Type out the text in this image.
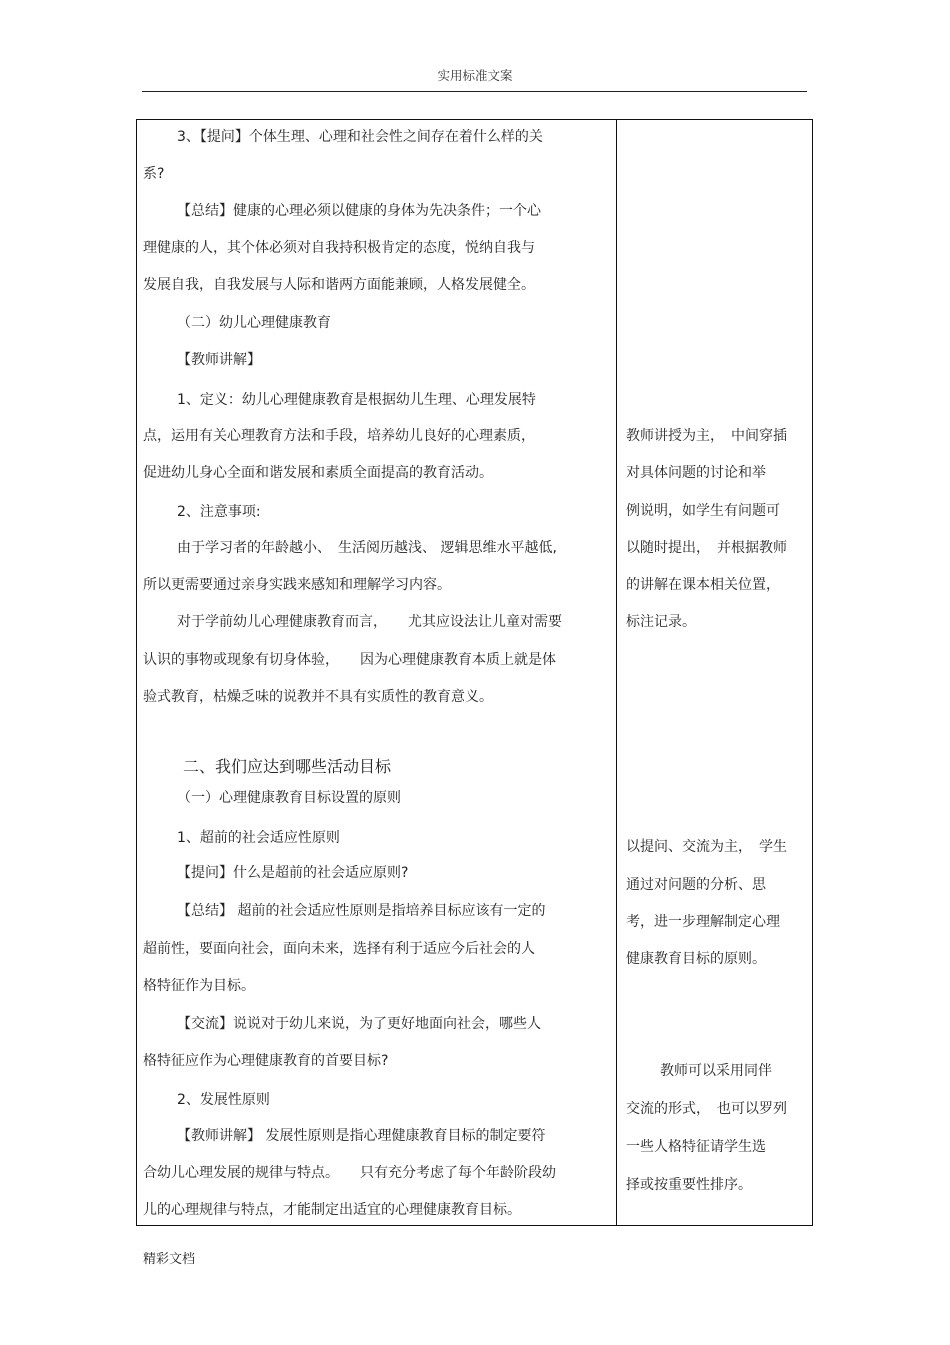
实用标准文案
3、【提问】个体生理、心理和社会性之间存在着什么样的关
系?
【总结】健康的心理必须以健康的身体为先决条件；一个心
理健康的人，其个体必须对自我持积极肯定的态度，悦纳自我与
发展自我，自我发展与人际和谐两方面能兼顾，人格发展健全。
（二）幼儿心理健康教育
【教师讲解】
1、定义：幼儿心理健康教育是根据幼儿生理、心理发展特
点，运用有关心理教育方法和手段，培养幼儿良好的心理素质，
促进幼儿身心全面和谐发展和素质全面提高的教育活动。
2、注意事项:
由于学习者的年龄越小、　生活阅历越浅、 逻辑思维水平越低,
所以更需要通过亲身实践来感知和理解学习内容。
对于学前幼儿心理健康教育而言，　　尤其应设法让儿童对需要
认识的事物或现象有切身体验，　　因为心理健康教育本质上就是体
验式教育，枯燥乏味的说教并不具有实质性的教育意义。
二、我们应达到哪些活动目标
（一）心理健康教育目标设置的原则
1、超前的社会适应性原则
【提问】什么是超前的社会适应原则?
【总结】 超前的社会适应性原则是指培养目标应该有一定的
超前性，要面向社会，面向未来，选择有利于适应今后社会的人
格特征作为目标。
【交流】说说对于幼儿来说，为了更好地面向社会，哪些人
格特征应作为心理健康教育的首要目标?
2、发展性原则
【教师讲解】 发展性原则是指心理健康教育目标的制定要符
合幼儿心理发展的规律与特点。　　只有充分考虑了每个年龄阶段幼
儿的心理规律与特点，才能制定出适宜的心理健康教育目标。
教师讲授为主，　中间穿插
对具体问题的讨论和举
例说明，如学生有问题可
以随时提出，　并根据教师
的讲解在课本相关位置，
标注记录。
以提问、交流为主，　学生
通过对问题的分析、思
考，进一步理解制定心理
健康教育目标的原则。
教师可以采用同伴
交流的形式，　也可以罗列
一些人格特征请学生选
择或按重要性排序。
精彩文档
